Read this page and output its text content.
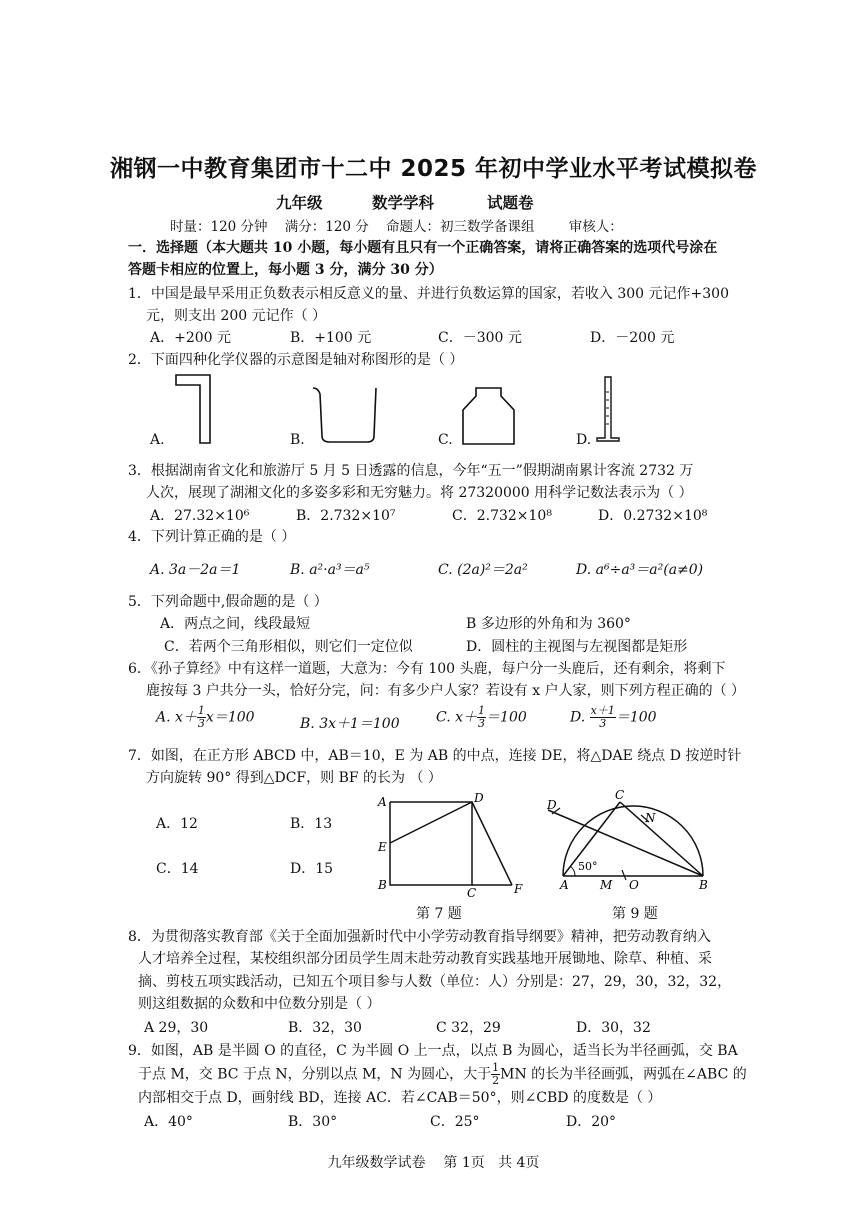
湘钢一中教育集团市十二中 2025 年初中学业水平考试模拟卷
九年级	数学学科	试题卷
时量：120 分钟    满分：120 分    命题人：初三数学备课组        审核人：
一．选择题（本大题共 10 小题，每小题有且只有一个正确答案，请将正确答案的选项代号涂在
答题卡相应的位置上，每小题 3 分，满分 30 分）
1．中国是最早采用正负数表示相反意义的量、并进行负数运算的国家，若收入 300 元记作+300
元，则支出 200 元记作（ ）
A．+200 元	B．+100 元	C．－300 元	D．－200 元
2．下面四种化学仪器的示意图是轴对称图形的是（ ）
A.	B.	C.	D.
3．根据湖南省文化和旅游厅 5 月 5 日透露的信息，今年“五一”假期湖南累计客流 2732 万
人次，展现了湖湘文化的多姿多彩和无穷魅力。将 27320000 用科学记数法表示为（ ）
A．27.32×10⁶	B．2.732×10⁷	C．2.732×10⁸	D．0.2732×10⁸
4．下列计算正确的是（ ）
A. 3a－2a＝1	B. a²·a³＝a⁵	C. (2a)²＝2a²	D. a⁶÷a³＝a²(a≠0)
5．下列命题中,假命题的是（ ）
A．两点之间，线段最短	B 多边形的外角和为 360°
C．若两个三角形相似，则它们一定位似	D．圆柱的主视图与左视图都是矩形
6．《孙子算经》中有这样一道题，大意为：今有 100 头鹿，每户分一头鹿后，还有剩余，将剩下
鹿按每 3 户共分一头，恰好分完，问：有多少户人家？若设有 x 户人家，则下列方程正确的（ ）
A. $x+ \frac{1}{3} x=100$	B. 3x＋1＝100	C. $x+ \frac{1}{3} =100$	D. $\frac{x+1}{3} =100$
7．如图，在正方形 ABCD 中，AB＝10，E 为 AB 的中点，连接 DE，将△DAE 绕点 D 按逆时针
方向旋转 90° 得到△DCF，则 BF 的长为 （ ）
A．12	B．13
C．14	D．15
A	D
E
B
C	F
第 7 题
D
C
N
50°
A	M O	B
第 9 题
8．为贯彻落实教育部《关于全面加强新时代中小学劳动教育指导纲要》精神，把劳动教育纳入
人才培养全过程，某校组织部分团员学生周末赴劳动教育实践基地开展锄地、除草、种植、采
摘、剪枝五项实践活动，已知五个项目参与人数（单位：人）分别是：27，29，30，32，32，
则这组数据的众数和中位数分别是（ ）
A 29，30	B．32，30	C 32，29	D．30，32
9．如图，AB 是半圆 O 的直径，C 为半圆 O 上一点，以点 B 为圆心，适当长为半径画弧，交 BA
于点 M，交 BC 于点 N，分别以点 M，N 为圆心，大于 $\frac{1}{2}$ MN 的长为半径画弧，两弧在∠ABC 的
内部相交于点 D，画射线 BD，连接 AC．若∠CAB＝50°，则∠CBD 的度数是（ ）
A．40°	B．30°	C．25°	D．20°
九年级数学试卷    第 1页   共 4页
